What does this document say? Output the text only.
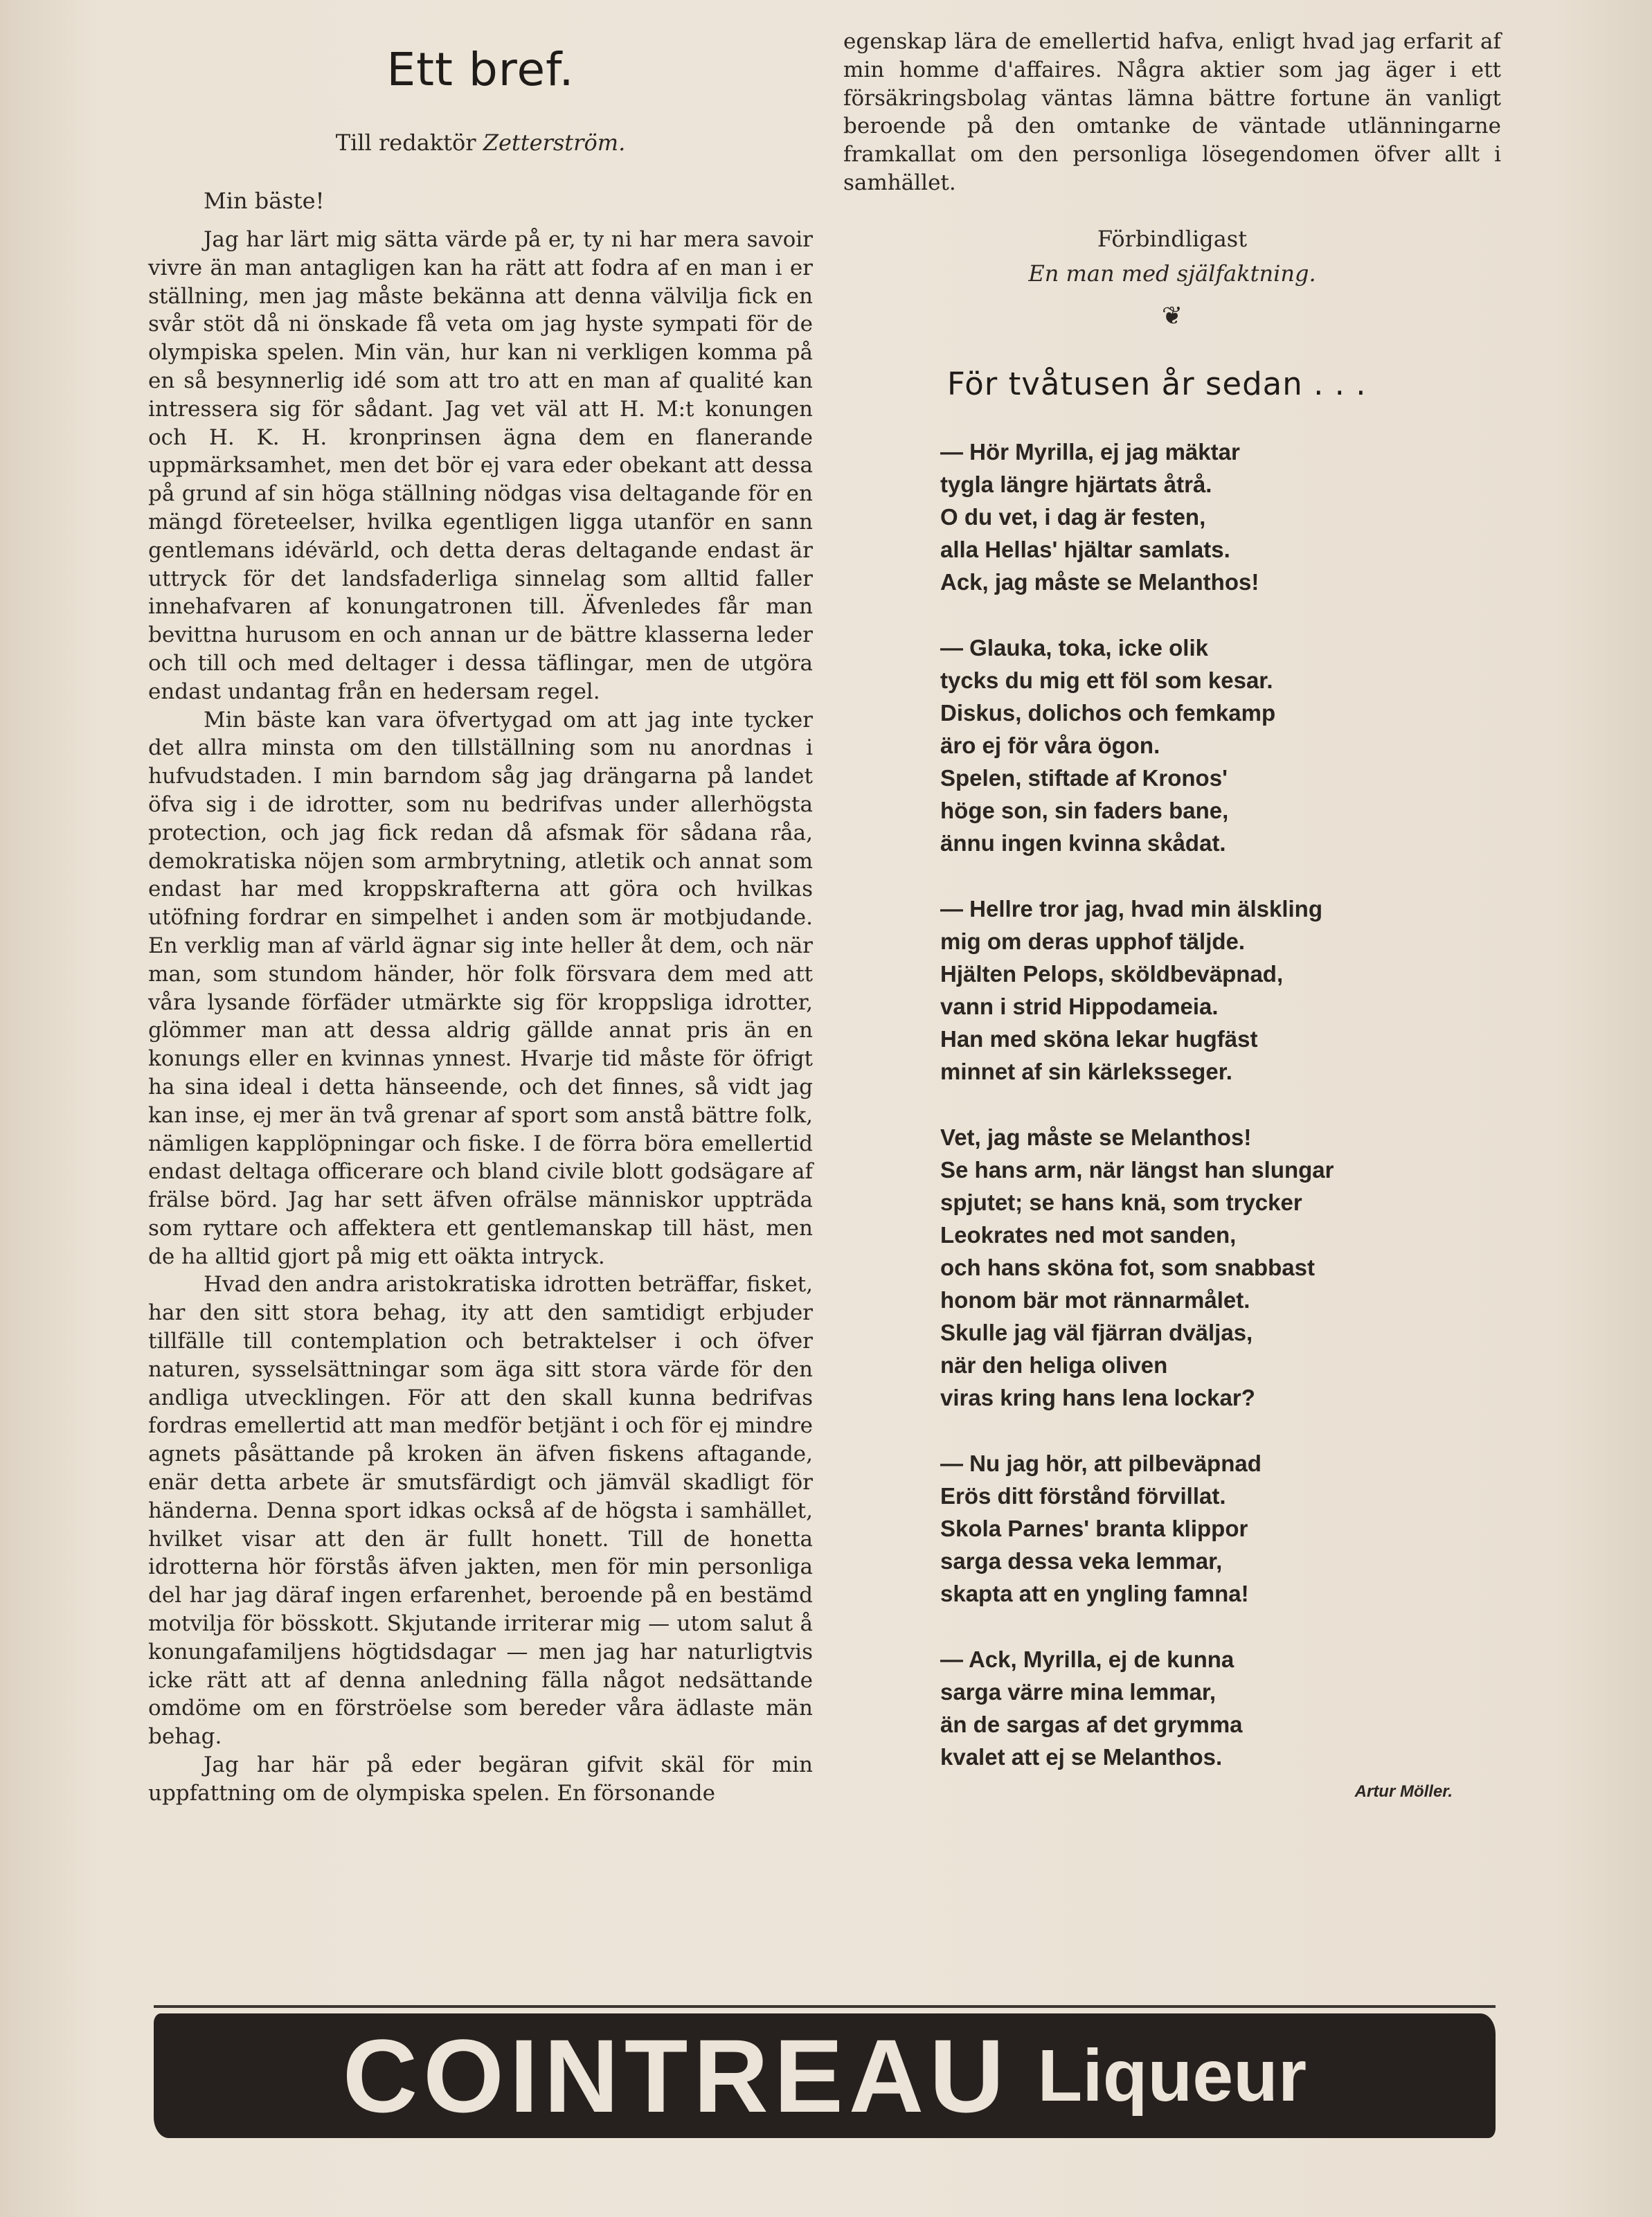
Ett bref.
Till redaktör Zetterström.
Min bäste!

Jag har lärt mig sätta värde på er, ty ni har mera savoir vivre än man antagligen kan ha rätt att fodra af en man i er ställning, men jag måste bekänna att denna välvilja fick en svår stöt då ni önskade få veta om jag hyste sympati för de olympiska spelen. Min vän, hur kan ni verkligen komma på en så besynnerlig idé som att tro att en man af qualité kan intressera sig för sådant. Jag vet väl att H. M:t konungen och H. K. H. kronprinsen ägna dem en flanerande uppmärksamhet, men det bör ej vara eder obekant att dessa på grund af sin höga ställning nödgas visa deltagande för en mängd företeelser, hvilka egentligen ligga utanför en sann gentlemans idévärld, och detta deras deltagande endast är uttryck för det landsfaderliga sinnelag som alltid faller innehafvaren af konungatronen till. Äfvenledes får man bevittna hurusom en och annan ur de bättre klasserna leder och till och med deltager i dessa täflingar, men de utgöra endast undantag från en hedersam regel.

Min bäste kan vara öfvertygad om att jag inte tycker det allra minsta om den tillställning som nu anordnas i hufvudstaden. I min barndom såg jag drängarna på landet öfva sig i de idrotter, som nu bedrifvas under allerhögsta protection, och jag fick redan då afsmak för sådana råa, demokratiska nöjen som armbrytning, atletik och annat som endast har med kroppskrafterna att göra och hvilkas utöfning fordrar en simpelhet i anden som är motbjudande. En verklig man af värld ägnar sig inte heller åt dem, och när man, som stundom händer, hör folk försvara dem med att våra lysande förfäder utmärkte sig för kroppsliga idrotter, glömmer man att dessa aldrig gällde annat pris än en konungs eller en kvinnas ynnest. Hvarje tid måste för öfrigt ha sina ideal i detta hänseende, och det finnes, så vidt jag kan inse, ej mer än två grenar af sport som anstå bättre folk, nämligen kapplöpningar och fiske. I de förra böra emellertid endast deltaga officerare och bland civile blott godsägare af frälse börd. Jag har sett äfven ofrälse människor uppträda som ryttare och affektera ett gentlemanskap till häst, men de ha alltid gjort på mig ett oäkta intryck.

Hvad den andra aristokratiska idrotten beträffar, fisket, har den sitt stora behag, ity att den samtidigt erbjuder tillfälle till contemplation och betraktelser i och öfver naturen, sysselsättningar som äga sitt stora värde för den andliga utvecklingen. För att den skall kunna bedrifvas fordras emellertid att man medför betjänt i och för ej mindre agnets påsättande på kroken än äfven fiskens aftagande, enär detta arbete är smutsfärdigt och jämväl skadligt för händerna. Denna sport idkas också af de högsta i samhället, hvilket visar att den är fullt honett. Till de honetta idrotterna hör förstås äfven jakten, men för min personliga del har jag däraf ingen erfarenhet, beroende på en bestämd motvilja för bösskott. Skjutande irriterar mig — utom salut å konungafamiljens högtidsdagar — men jag har naturligtvis icke rätt att af denna anledning fälla något nedsättande omdöme om en förströelse som bereder våra ädlaste män behag.

Jag har här på eder begäran gifvit skäl för min uppfattning om de olympiska spelen. En försonande

egenskap lära de emellertid hafva, enligt hvad jag erfarit af min homme d'affaires. Några aktier som jag äger i ett försäkringsbolag väntas lämna bättre fortune än vanligt beroende på den omtanke de väntade utlänningarne framkallat om den personliga lösegendomen öfver allt i samhället.

Förbindligast
En man med själfaktning.
❦
För tvåtusen år sedan . . .
— Hör Myrilla, ej jag mäktar
tygla längre hjärtats åtrå.
O du vet, i dag är festen,
alla Hellas' hjältar samlats.
Ack, jag måste se Melanthos!
— Glauka, toka, icke olik
tycks du mig ett föl som kesar.
Diskus, dolichos och femkamp
äro ej för våra ögon.
Spelen, stiftade af Kronos'
höge son, sin faders bane,
ännu ingen kvinna skådat.
— Hellre tror jag, hvad min älskling
mig om deras upphof täljde.
Hjälten Pelops, sköldbeväpnad,
vann i strid Hippodameia.
Han med sköna lekar hugfäst
minnet af sin kärleksseger.
Vet, jag måste se Melanthos!
Se hans arm, när längst han slungar
spjutet; se hans knä, som trycker
Leokrates ned mot sanden,
och hans sköna fot, som snabbast
honom bär mot rännarmålet.
Skulle jag väl fjärran dväljas,
när den heliga oliven
viras kring hans lena lockar?
— Nu jag hör, att pilbeväpnad
Erös ditt förstånd förvillat.
Skola Parnes' branta klippor
sarga dessa veka lemmar,
skapta att en yngling famna!
— Ack, Myrilla, ej de kunna
sarga värre mina lemmar,
än de sargas af det grymma
kvalet att ej se Melanthos.
Artur Möller.
COINTREAU Liqueur
